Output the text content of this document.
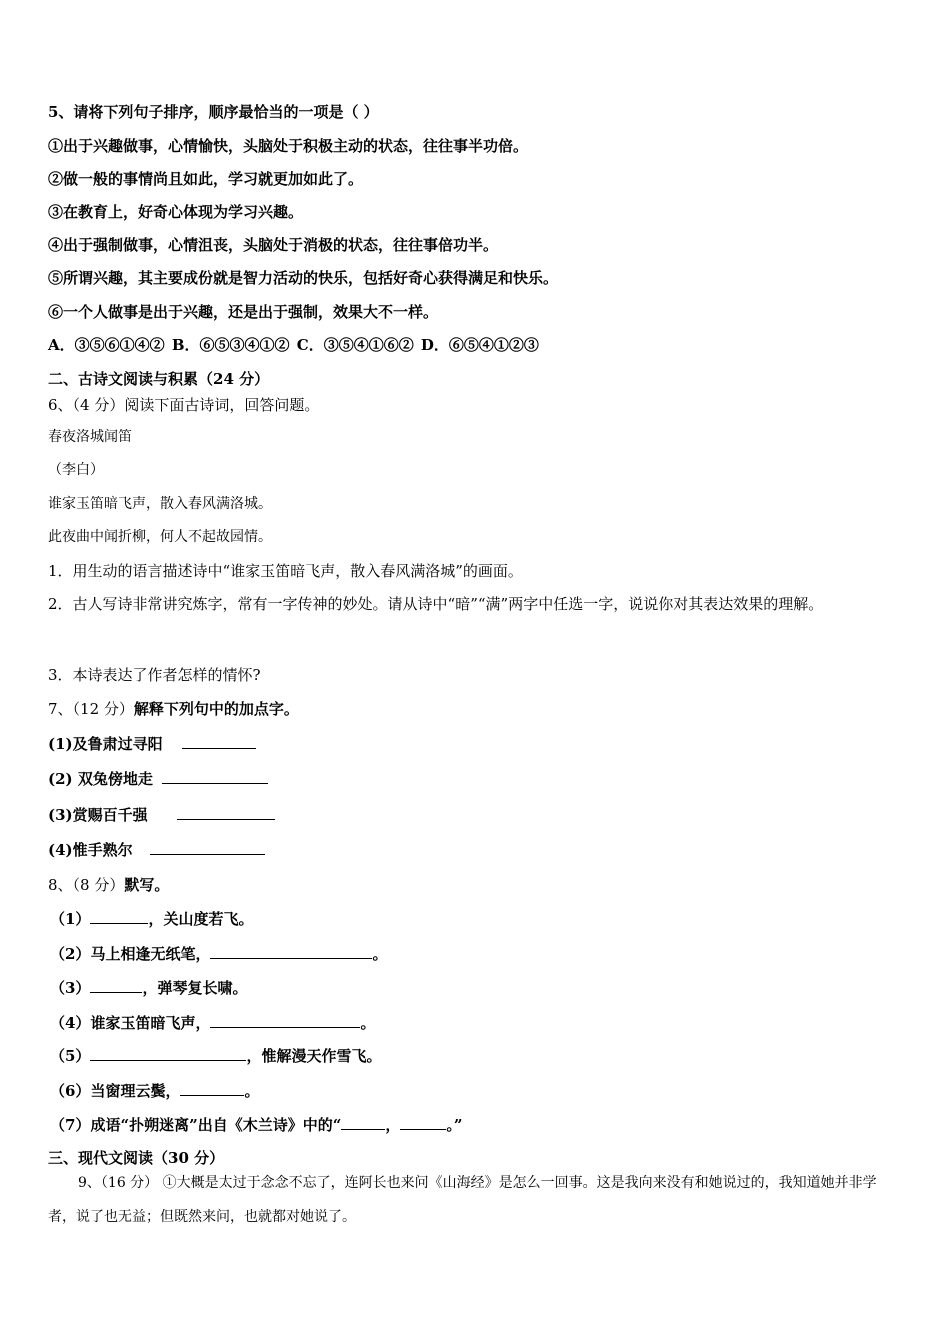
5、请将下列句子排序，顺序最恰当的一项是（ ）
①出于兴趣做事，心情愉快，头脑处于积极主动的状态，往往事半功倍。
②做一般的事情尚且如此，学习就更加如此了。
③在教育上，好奇心体现为学习兴趣。
④出于强制做事，心情沮丧，头脑处于消极的状态，往往事倍功半。
⑤所谓兴趣，其主要成份就是智力活动的快乐，包括好奇心获得满足和快乐。
⑥一个人做事是出于兴趣，还是出于强制，效果大不一样。
A．③⑤⑥①④② B．⑥⑤③④①② C．③⑤④①⑥② D．⑥⑤④①②③
二、古诗文阅读与积累（24 分）
6、（4 分）阅读下面古诗词，回答问题。
春夜洛城闻笛
（李白）
谁家玉笛暗飞声，散入春风满洛城。
此夜曲中闻折柳，何人不起故园情。
1．用生动的语言描述诗中“谁家玉笛暗飞声，散入春风满洛城”的画面。
2．古人写诗非常讲究炼字，常有一字传神的妙处。请从诗中“暗”“满”两字中任选一字，说说你对其表达效果的理解。
3．本诗表达了作者怎样的情怀?
7、（12 分）解释下列句中的加点字。
(1)及鲁肃过寻阳
(2) 双兔傍地走
(3)赏赐百千强
(4)惟手熟尔
8、（8 分）默写。
（1）	，关山度若飞。
（2）马上相逢无纸笔，	。
（3）	，弹琴复长啸。
（4）谁家玉笛暗飞声，	。
（5）	，惟解漫天作雪飞。
（6）当窗理云鬓，	。
（7）成语“扑朔迷离”出自《木兰诗》中的“	，	。”
三、现代文阅读（30 分）
9、（16 分） ①大概是太过于念念不忘了，连阿长也来问《山海经》是怎么一回事。这是我向来没有和她说过的，我知道她并非学者，说了也无益；但既然来问，也就都对她说了。
